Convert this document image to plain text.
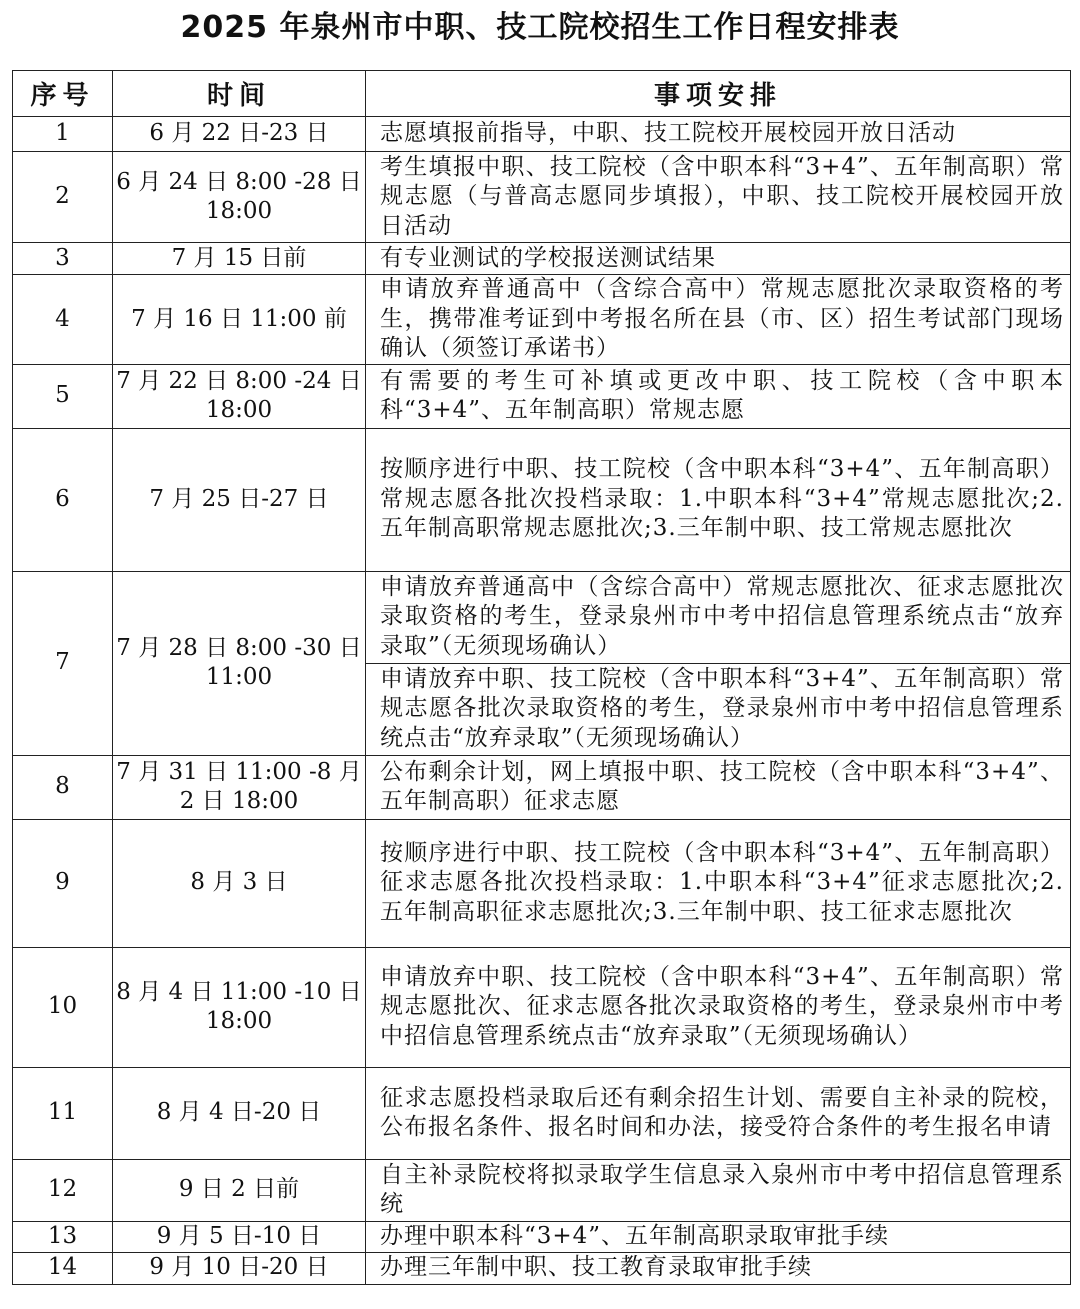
2025 年泉州市中职、技工院校招生工作日程安排表
序号	时间	事项安排
1	6 月 22 日-23 日	志愿填报前指导，中职、技工院校开展校园开放日活动
2	6 月 24 日 8:00 -28 日 18:00	考生填报中职、技工院校（含中职本科“3+4”、五年制高职）常规志愿（与普高志愿同步填报），中职、技工院校开展校园开放日活动
3	7 月 15 日前	有专业测试的学校报送测试结果
4	7 月 16 日 11:00 前	申请放弃普通高中（含综合高中）常规志愿批次录取资格的考生，携带准考证到中考报名所在县（市、区）招生考试部门现场确认（须签订承诺书）
5	7 月 22 日 8:00 -24 日 18:00	有需要的考生可补填或更改中职、技工院校（含中职本科“3+4”、五年制高职）常规志愿
6	7 月 25 日-27 日	按顺序进行中职、技工院校（含中职本科“3+4”、五年制高职）常规志愿各批次投档录取：1.中职本科“3+4”常规志愿批次;2.五年制高职常规志愿批次;3.三年制中职、技工常规志愿批次
7	7 月 28 日 8:00 -30 日 11:00	申请放弃普通高中（含综合高中）常规志愿批次、征求志愿批次录取资格的考生，登录泉州市中考中招信息管理系统点击“放弃录取”（无须现场确认）
		申请放弃中职、技工院校（含中职本科“3+4”、五年制高职）常规志愿各批次录取资格的考生，登录泉州市中考中招信息管理系统点击“放弃录取”（无须现场确认）
8	7 月 31 日 11:00 -8 月 2 日 18:00	公布剩余计划，网上填报中职、技工院校（含中职本科“3+4”、五年制高职）征求志愿
9	8 月 3 日	按顺序进行中职、技工院校（含中职本科“3+4”、五年制高职）征求志愿各批次投档录取：1.中职本科“3+4”征求志愿批次;2.五年制高职征求志愿批次;3.三年制中职、技工征求志愿批次
10	8 月 4 日 11:00 -10 日 18:00	申请放弃中职、技工院校（含中职本科“3+4”、五年制高职）常规志愿批次、征求志愿各批次录取资格的考生，登录泉州市中考中招信息管理系统点击“放弃录取”（无须现场确认）
11	8 月 4 日-20 日	征求志愿投档录取后还有剩余招生计划、需要自主补录的院校，公布报名条件、报名时间和办法，接受符合条件的考生报名申请
12	9 日 2 日前	自主补录院校将拟录取学生信息录入泉州市中考中招信息管理系统
13	9 月 5 日-10 日	办理中职本科“3+4”、五年制高职录取审批手续
14	9 月 10 日-20 日	办理三年制中职、技工教育录取审批手续
